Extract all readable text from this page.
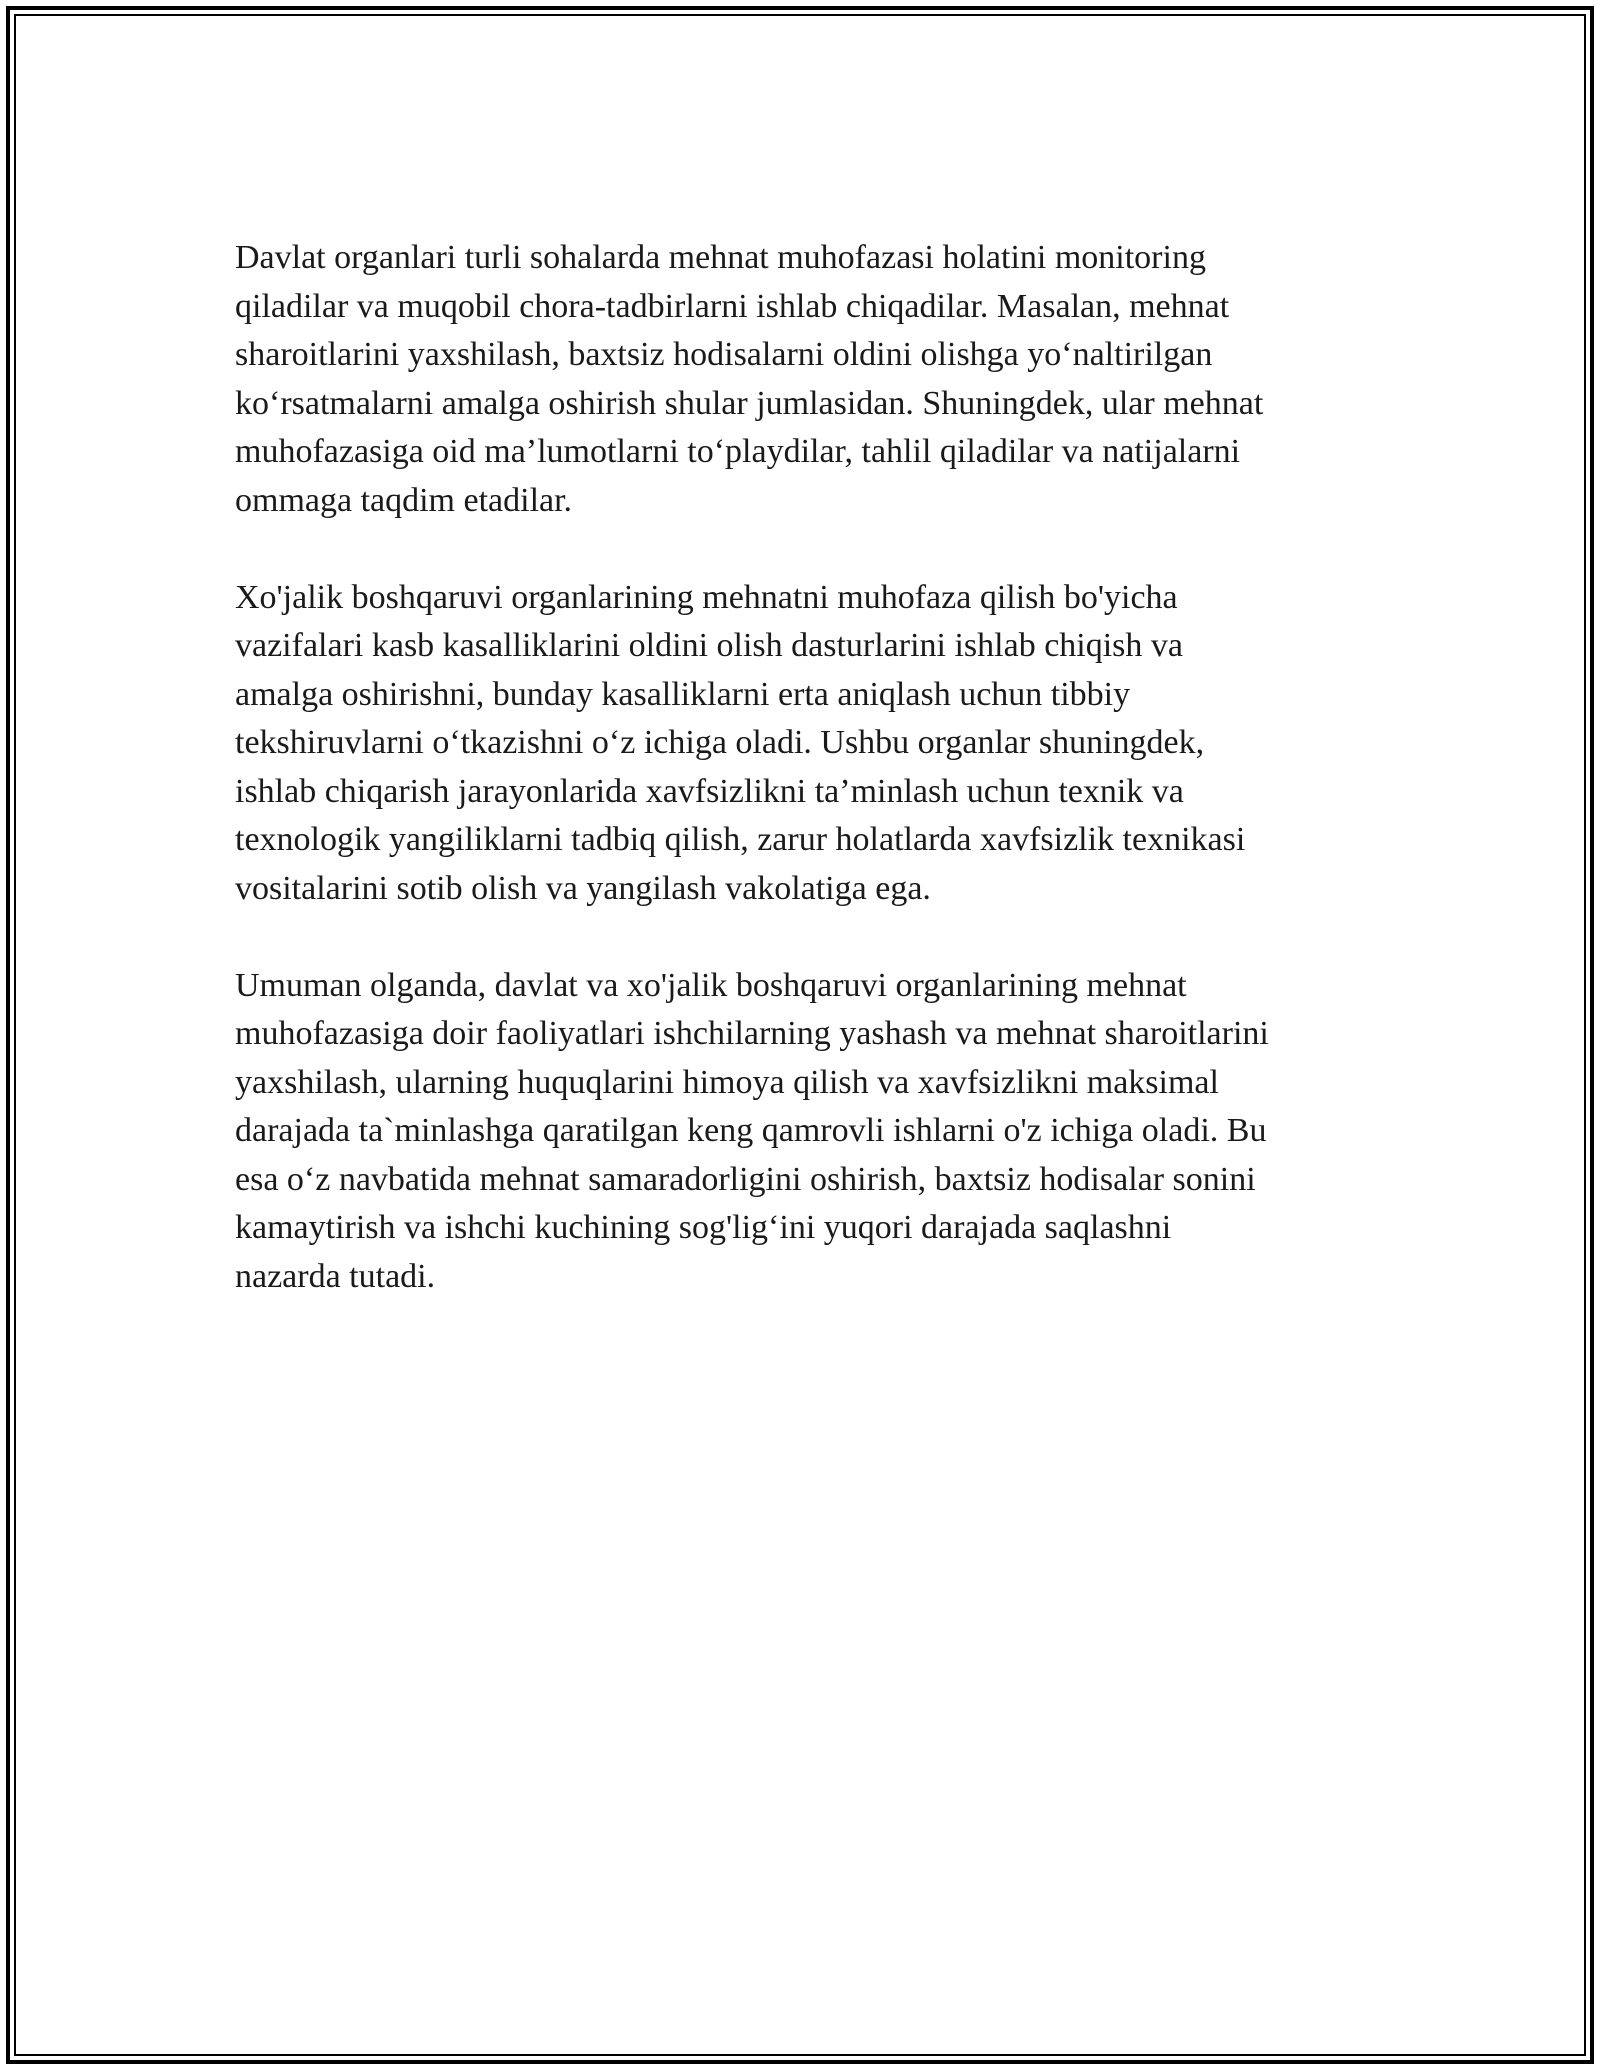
Davlat organlari turli sohalarda mehnat muhofazasi holatini monitoring
qiladilar va muqobil chora-tadbirlarni ishlab chiqadilar. Masalan, mehnat
sharoitlarini yaxshilash, baxtsiz hodisalarni oldini olishga yo‘naltirilgan
ko‘rsatmalarni amalga oshirish shular jumlasidan. Shuningdek, ular mehnat
muhofazasiga oid ma’lumotlarni to‘playdilar, tahlil qiladilar va natijalarni
ommaga taqdim etadilar.

Xo'jalik boshqaruvi organlarining mehnatni muhofaza qilish bo'yicha
vazifalari kasb kasalliklarini oldini olish dasturlarini ishlab chiqish va
amalga oshirishni, bunday kasalliklarni erta aniqlash uchun tibbiy
tekshiruvlarni o‘tkazishni o‘z ichiga oladi. Ushbu organlar shuningdek,
ishlab chiqarish jarayonlarida xavfsizlikni ta’minlash uchun texnik va
texnologik yangiliklarni tadbiq qilish, zarur holatlarda xavfsizlik texnikasi
vositalarini sotib olish va yangilash vakolatiga ega.

Umuman olganda, davlat va xo'jalik boshqaruvi organlarining mehnat
muhofazasiga doir faoliyatlari ishchilarning yashash va mehnat sharoitlarini
yaxshilash, ularning huquqlarini himoya qilish va xavfsizlikni maksimal
darajada ta`minlashga qaratilgan keng qamrovli ishlarni o'z ichiga oladi. Bu
esa o‘z navbatida mehnat samaradorligini oshirish, baxtsiz hodisalar sonini
kamaytirish va ishchi kuchining sog'lig‘ini yuqori darajada saqlashni
nazarda tutadi.
